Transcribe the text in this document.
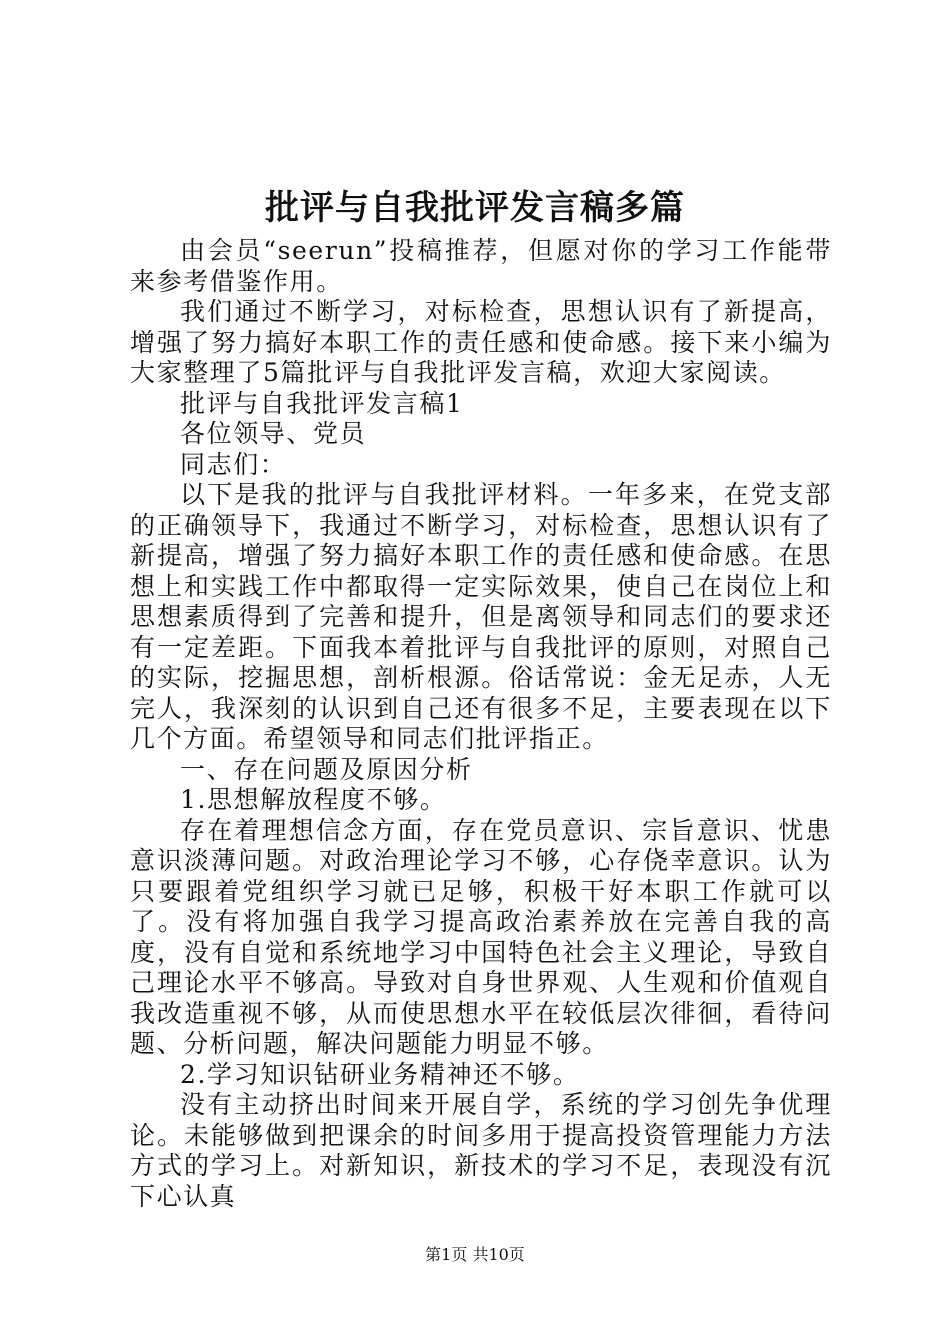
批评与自我批评发言稿多篇

由会员“seerun”投稿推荐，但愿对你的学习工作能带来参考借鉴作用。

我们通过不断学习，对标检查，思想认识有了新提高，增强了努力搞好本职工作的责任感和使命感。接下来小编为大家整理了5篇批评与自我批评发言稿，欢迎大家阅读。

批评与自我批评发言稿1

各位领导、党员

同志们：

以下是我的批评与自我批评材料。一年多来，在党支部的正确领导下，我通过不断学习，对标检查，思想认识有了新提高，增强了努力搞好本职工作的责任感和使命感。在思想上和实践工作中都取得一定实际效果，使自己在岗位上和思想素质得到了完善和提升，但是离领导和同志们的要求还有一定差距。下面我本着批评与自我批评的原则，对照自己的实际，挖掘思想，剖析根源。俗话常说：金无足赤，人无完人，我深刻的认识到自己还有很多不足，主要表现在以下几个方面。希望领导和同志们批评指正。

一、存在问题及原因分析

1.思想解放程度不够。

存在着理想信念方面，存在党员意识、宗旨意识、忧患意识淡薄问题。对政治理论学习不够，心存侥幸意识。认为只要跟着党组织学习就已足够，积极干好本职工作就可以了。没有将加强自我学习提高政治素养放在完善自我的高度，没有自觉和系统地学习中国特色社会主义理论，导致自己理论水平不够高。导致对自身世界观、人生观和价值观自我改造重视不够，从而使思想水平在较低层次徘徊，看待问题、分析问题，解决问题能力明显不够。

2.学习知识钻研业务精神还不够。

没有主动挤出时间来开展自学，系统的学习创先争优理论。未能够做到把课余的时间多用于提高投资管理能力方法方式的学习上。对新知识，新技术的学习不足，表现没有沉下心认真

第1页 共10页
